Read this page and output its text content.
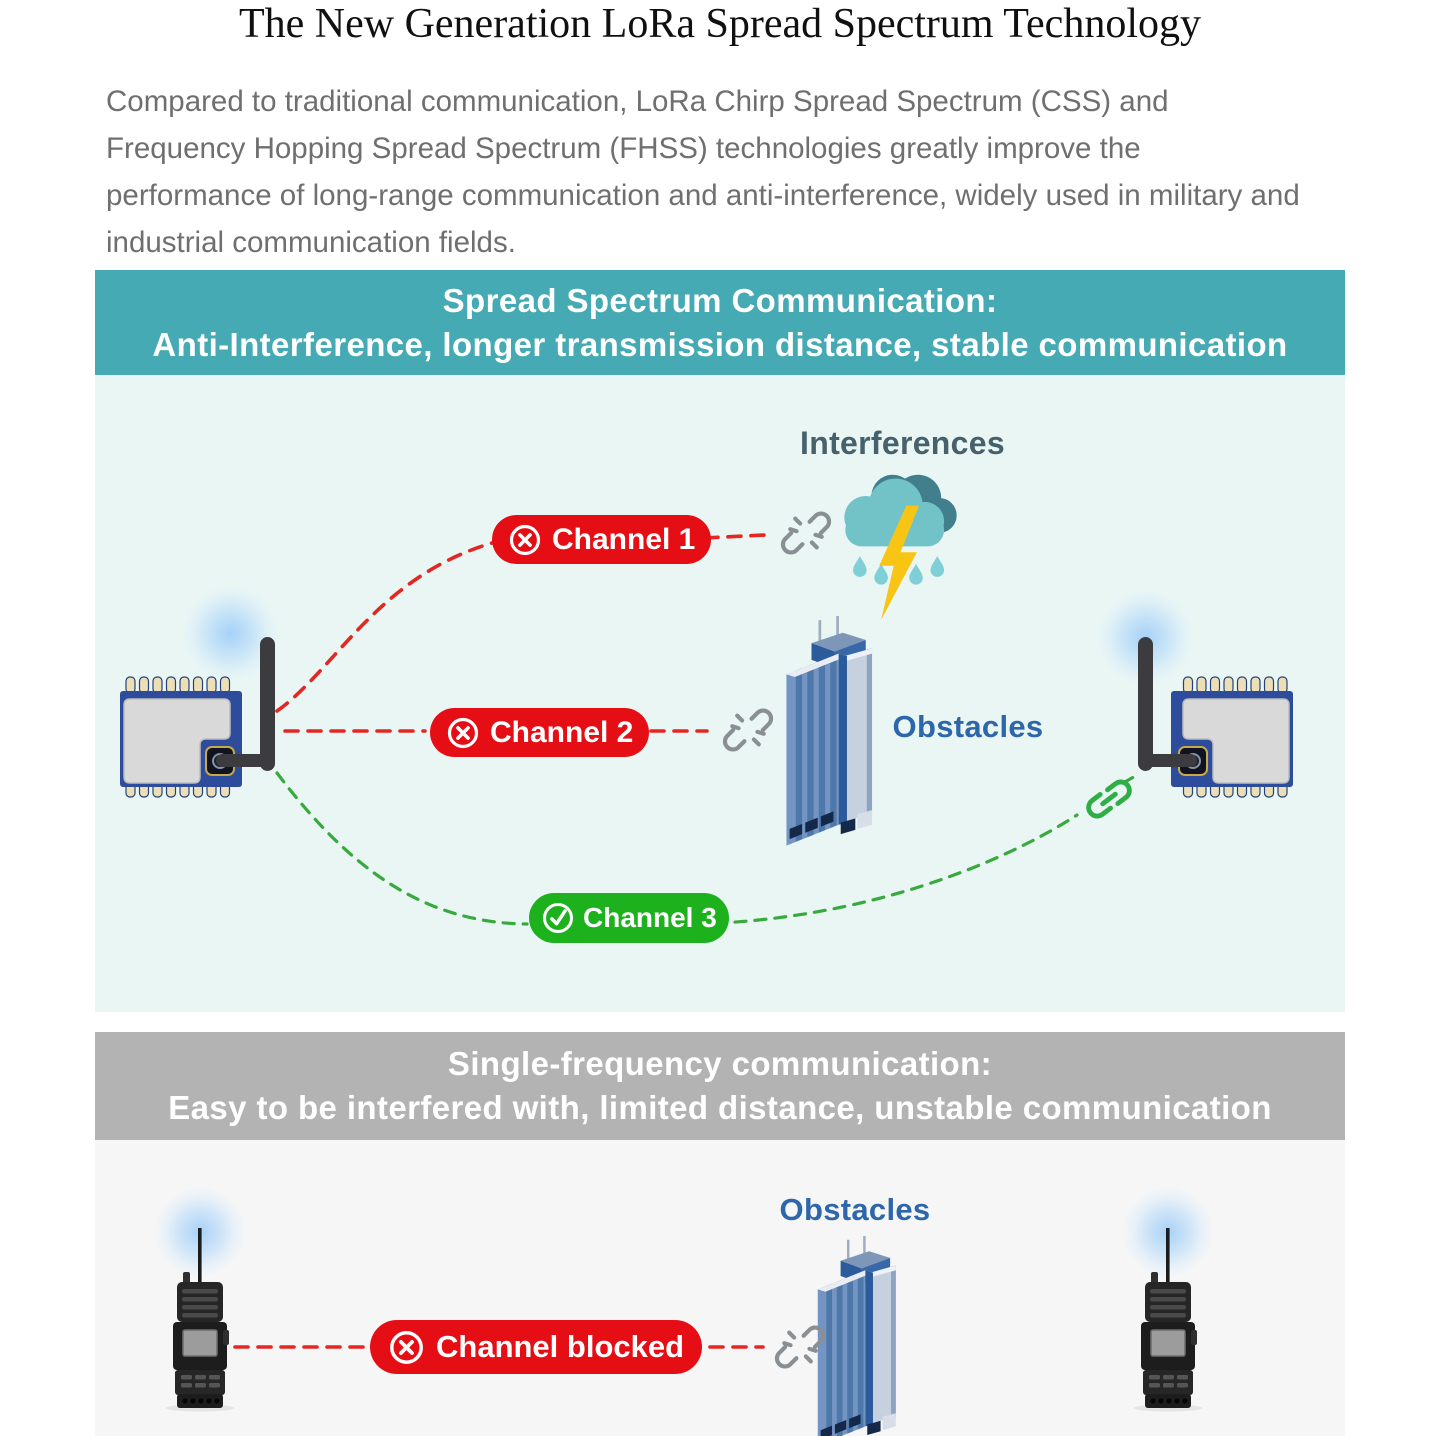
The New Generation LoRa Spread Spectrum Technology
Compared to traditional communication, LoRa Chirp Spread Spectrum (CSS) and
Frequency Hopping Spread Spectrum (FHSS) technologies greatly improve the
performance of long-range communication and anti-interference, widely used in military and
industrial communication fields.
Spread Spectrum Communication:
Anti-Interference, longer transmission distance, stable communication
Interferences
Obstacles
Channel 1
Channel 2
Channel 3
Single-frequency communication:
Easy to be interfered with, limited distance, unstable communication
Obstacles
Channel blocked
